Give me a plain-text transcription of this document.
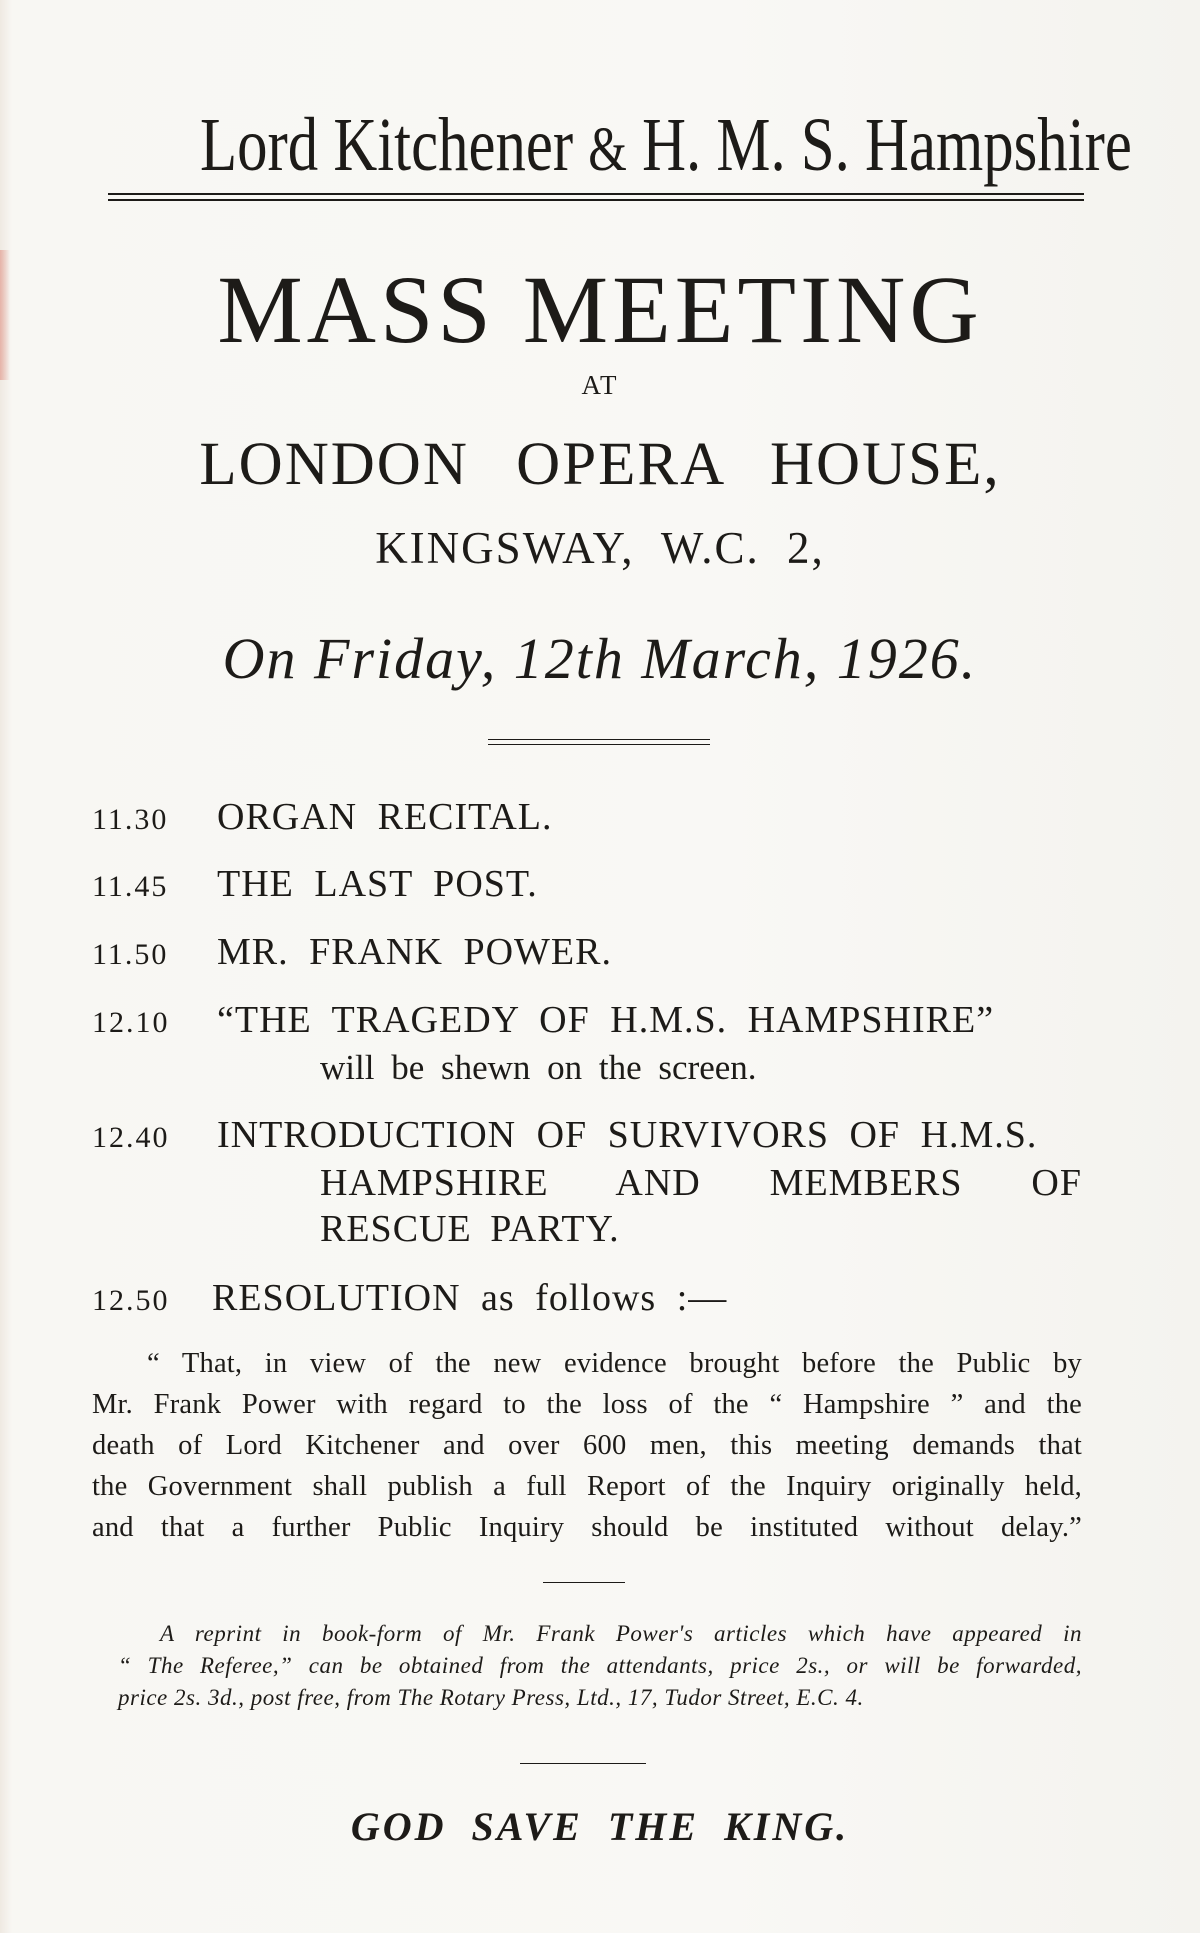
Lord Kitchener & H. M. S. Hampshire
MASS MEETING
AT
LONDON OPERA HOUSE,
KINGSWAY, W.C. 2,
On Friday, 12th March, 1926.
11.30	ORGAN RECITAL.
11.45	THE LAST POST.
11.50	MR. FRANK POWER.
12.10	“THE TRAGEDY OF H.M.S. HAMPSHIRE”
will be shewn on the screen.
12.40	INTRODUCTION OF SURVIVORS OF H.M.S.
HAMPSHIRE AND MEMBERS OF
RESCUE PARTY.
12.50	RESOLUTION as follows :—
“ That, in view of the new evidence brought before the Public by
Mr. Frank Power with regard to the loss of the “ Hampshire ” and the
death of Lord Kitchener and over 600 men, this meeting demands that
the Government shall publish a full Report of the Inquiry originally held,
and that a further Public Inquiry should be instituted without delay.”
A reprint in book-form of Mr. Frank Power's articles which have appeared in
“ The Referee,” can be obtained from the attendants, price 2s., or will be forwarded,
price 2s. 3d., post free, from The Rotary Press, Ltd., 17, Tudor Street, E.C. 4.
GOD SAVE THE KING.
